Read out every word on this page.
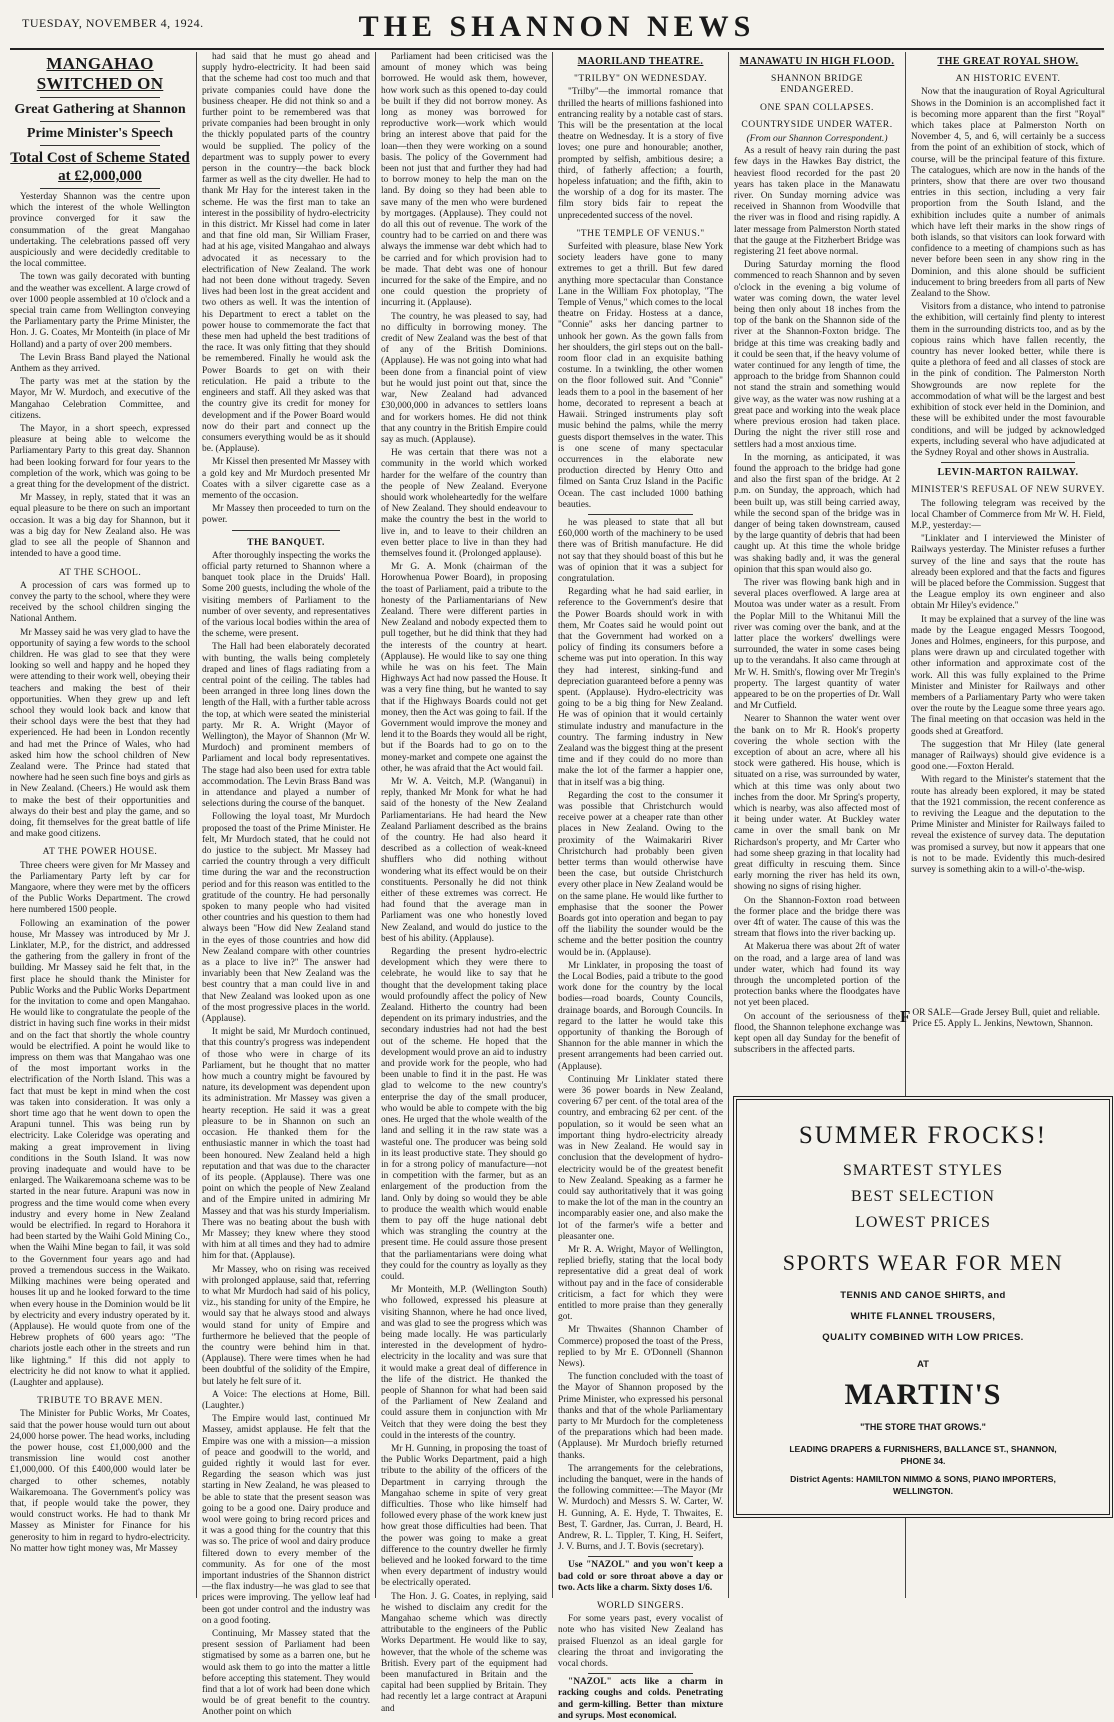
TUESDAY, NOVEMBER 4, 1924.	THE SHANNON NEWS
MANGAHAO SWITCHED ON
Great Gathering at Shannon
Prime Minister's Speech
Total Cost of Scheme Stated at £2,000,000

Yesterday Shannon was the centre upon which the interest of the whole Wellington province converged for it saw the consummation of the great Mangahao undertaking. The celebrations passed off very auspiciously and were decidedly creditable to the local committee.

The town was gaily decorated with bunting and the weather was excellent. A large crowd of over 1000 people assembled at 10 o'clock and a special train came from Wellington conveying the Parliamentary party the Prime Minister, the Hon. J. G. Coates, Mr Monteith (in place of Mr Holland) and a party of over 200 members.

The Levin Brass Band played the National Anthem as they arrived.

The party was met at the station by the Mayor, Mr W. Murdoch, and executive of the Mangahao Celebration Committee, and citizens.

The Mayor, in a short speech, expressed pleasure at being able to welcome the Parliamentary Party to this great day. Shannon had been looking forward for four years to the completion of the work, which was going to be a great thing for the development of the district.

Mr Massey, in reply, stated that it was an equal pleasure to be there on such an important occasion. It was a big day for Shannon, but it was a big day for New Zealand also. He was glad to see all the people of Shannon and intended to have a good time.

AT THE SCHOOL.

A procession of cars was formed up to convey the party to the school, where they were received by the school children singing the National Anthem.

Mr Massey said he was very glad to have the opportunity of saying a few words to the school children. He was glad to see that they were looking so well and happy and he hoped they were attending to their work well, obeying their teachers and making the best of their opportunities. When they grew up and left school they would look back and know that their school days were the best that they had experienced. He had been in London recently and had met the Prince of Wales, who had asked him how the school children of New Zealand were. The Prince had stated that nowhere had he seen such fine boys and girls as in New Zealand. (Cheers.) He would ask them to make the best of their opportunities and always do their best and play the game, and so doing, fit themselves for the great battle of life and make good citizens.

AT THE POWER HOUSE.

Three cheers were given for Mr Massey and the Parliamentary Party left by car for Mangaore, where they were met by the officers of the Public Works Department. The crowd here numbered 1500 people.

Following an examination of the power house, Mr Massey was introduced by Mr J. Linklater, M.P., for the district, and addressed the gathering from the gallery in front of the building. Mr Massey said he felt that, in the first place he should thank the Minister for Public Works and the Public Works Department for the invitation to come and open Mangahao. He would like to congratulate the people of the district in having such fine works in their midst and on the fact that shortly the whole country would be electrified. A point he would like to impress on them was that Mangahao was one of the most important works in the electrification of the North Island. This was a fact that must be kept in mind when the cost was taken into consideration. It was only a short time ago that he went down to open the Arapuni tunnel. This was being run by electricity. Lake Coleridge was operating and making a great improvement in living conditions in the South Island. It was now proving inadequate and would have to be enlarged. The Waikaremoana scheme was to be started in the near future. Arapuni was now in progress and the time would come when every industry and every home in New Zealand would be electrified. In regard to Horahora it had been started by the Waihi Gold Mining Co., when the Waihi Mine began to fail, it was sold to the Government four years ago and had proved a tremendous success in the Waikato. Milking machines were being operated and houses lit up and he looked forward to the time when every house in the Dominion would be lit by electricity and every industry operated by it. (Applause). He would quote from one of the Hebrew prophets of 600 years ago: "The chariots jostle each other in the streets and run like lightning." If this did not apply to electricity he did not know to what it applied. (Laughter and applause).

TRIBUTE TO BRAVE MEN.

The Minister for Public Works, Mr Coates, said that the power house would turn out about 24,000 horse power. The head works, including the power house, cost £1,000,000 and the transmission line would cost another £1,000,000. Of this £400,000 would later be charged to other schemes, notably Waikaremoana. The Government's policy was that, if people would take the power, they would construct works. He had to thank Mr Massey as Minister for Finance for his generosity to him in regard to hydro-electricity. No matter how tight money was, Mr Massey

had said that he must go ahead and supply hydro-electricity. It had been said that the scheme had cost too much and that private companies could have done the business cheaper. He did not think so and a further point to be remembered was that private companies had been brought in only the thickly populated parts of the country would be supplied. The policy of the department was to supply power to every person in the country—the back block farmer as well as the city dweller. He had to thank Mr Hay for the interest taken in the scheme. He was the first man to take an interest in the possibility of hydro-electricity in this district. Mr Kissel had come in later and that fine old man, Sir William Fraser, had at his age, visited Mangahao and always advocated it as necessary to the electrification of New Zealand. The work had not been done without tragedy. Seven lives had been lost in the great accident and two others as well. It was the intention of his Department to erect a tablet on the power house to commemorate the fact that these men had upheld the best traditions of the race. It was only fitting that they should be remembered. Finally he would ask the Power Boards to get on with their reticulation. He paid a tribute to the engineers and staff. All they asked was that the country give its credit for money for development and if the Power Board would now do their part and connect up the consumers everything would be as it should be. (Applause).

Mr Kissel then presented Mr Massey with a gold key and Mr Murdoch presented Mr Coates with a silver cigarette case as a memento of the occasion.

Mr Massey then proceeded to turn on the power.

THE BANQUET.

After thoroughly inspecting the works the official party returned to Shannon where a banquet took place in the Druids' Hall. Some 200 guests, including the whole of the visiting members of Parliament to the number of over seventy, and representatives of the various local bodies within the area of the scheme, were present.

The Hall had been elaborately decorated with bunting, the walls being completely draped and lines of flags radiating from a central point of the ceiling. The tables had been arranged in three long lines down the length of the Hall, with a further table across the top, at which were seated the ministerial party. Mr R. A. Wright (Mayor of Wellington), the Mayor of Shannon (Mr W. Murdoch) and prominent members of Parliament and local body representatives. The stage had also been used for extra table accommodation. The Levin Brass Band was in attendance and played a number of selections during the course of the banquet.

Following the loyal toast, Mr Murdoch proposed the toast of the Prime Minister. He felt, Mr Murdoch stated, that he could not do justice to the subject. Mr Massey had carried the country through a very difficult time during the war and the reconstruction period and for this reason was entitled to the gratitude of the country. He had personally spoken to many people who had visited other countries and his question to them had always been "How did New Zealand stand in the eyes of those countries and how did New Zealand compare with other countries as a place to live in?" The answer had invariably been that New Zealand was the best country that a man could live in and that New Zealand was looked upon as one of the most progressive places in the world. (Applause).

It might be said, Mr Murdoch continued, that this country's progress was independent of those who were in charge of its Parliament, but he thought that no matter how much a country might be favoured by nature, its development was dependent upon its administration. Mr Massey was given a hearty reception. He said it was a great pleasure to be in Shannon on such an occasion. He thanked them for the enthusiastic manner in which the toast had been honoured. New Zealand held a high reputation and that was due to the character of its people. (Applause). There was one point on which the people of New Zealand and of the Empire united in admiring Mr Massey and that was his sturdy Imperialism. There was no beating about the bush with Mr Massey; they knew where they stood with him at all times and they had to admire him for that. (Applause).

Mr Massey, who on rising was received with prolonged applause, said that, referring to what Mr Murdoch had said of his policy, viz., his standing for unity of the Empire, he would say that he always stood and always would stand for unity of Empire and furthermore he believed that the people of the country were behind him in that. (Applause). There were times when he had been doubtful of the solidity of the Empire, but lately he felt sure of it.

A Voice: The elections at Home, Bill. (Laughter.)

The Empire would last, continued Mr Massey, amidst applause. He felt that the Empire was one with a mission—a mission of peace and goodwill to the world, and guided rightly it would last for ever. Regarding the season which was just starting in New Zealand, he was pleased to be able to state that the present season was going to be a good one. Dairy produce and wool were going to bring record prices and it was a good thing for the country that this was so. The price of wool and dairy produce filtered down to every member of the community. As for one of the most important industries of the Shannon district—the flax industry—he was glad to see that prices were improving. The yellow leaf had been got under control and the industry was on a good footing.

Continuing, Mr Massey stated that the present session of Parliament had been stigmatised by some as a barren one, but he would ask them to go into the matter a little before accepting this statement. They would find that a lot of work had been done which would be of great benefit to the country. Another point on which

Parliament had been criticised was the amount of money which was being borrowed. He would ask them, however, how work such as this opened to-day could be built if they did not borrow money. As long as money was borrowed for reproductive work—work which would bring an interest above that paid for the loan—then they were working on a sound basis. The policy of the Government had been not just that and further they had had to borrow money to help the man on the land. By doing so they had been able to save many of the men who were burdened by mortgages. (Applause). They could not do all this out of revenue. The work of the country had to be carried on and there was always the immense war debt which had to be carried and for which provision had to be made. That debt was one of honour incurred for the sake of the Empire, and no one could question the propriety of incurring it. (Applause).

The country, he was pleased to say, had no difficulty in borrowing money. The credit of New Zealand was the best of that of any of the British Dominions. (Applause). He was not going into what had been done from a financial point of view but he would just point out that, since the war, New Zealand had advanced £30,000,000 in advances to settlers loans and for workers homes. He did not think that any country in the British Empire could say as much. (Applause).

He was certain that there was not a community in the world which worked harder for the welfare of the country than the people of New Zealand. Everyone should work wholeheartedly for the welfare of New Zealand. They should endeavour to make the country the best in the world to live in, and to leave to their children an even better place to live in than they had themselves found it. (Prolonged applause).

Mr G. A. Monk (chairman of the Horowhenua Power Board), in proposing the toast of Parliament, paid a tribute to the honesty of the Parliamentarians of New Zealand. There were different parties in New Zealand and nobody expected them to pull together, but he did think that they had the interests of the country at heart. (Applause). He would like to say one thing while he was on his feet. The Main Highways Act had now passed the House. It was a very fine thing, but he wanted to say that if the Highways Boards could not get money, then the Act was going to fail. If the Government would improve the money and lend it to the Boards they would all be right, but if the Boards had to go on to the money-market and compete one against the other, he was afraid that the Act would fail.

Mr W. A. Veitch, M.P. (Wanganui) in reply, thanked Mr Monk for what he had said of the honesty of the New Zealand Parliamentarians. He had heard the New Zealand Parliament described as the brains of the country. He had also heard it described as a collection of weak-kneed shufflers who did nothing without wondering what its effect would be on their constituents. Personally he did not think either of these extremes was correct. He had found that the average man in Parliament was one who honestly loved New Zealand, and would do justice to the best of his ability. (Applause).

Regarding the present hydro-electric development which they were there to celebrate, he would like to say that he thought that the development taking place would profoundly affect the policy of New Zealand. Hitherto the country had been dependent on its primary industries, and the secondary industries had not had the best out of the scheme. He hoped that the development would prove an aid to industry and provide work for the people, who had been unable to find it in the past. He was glad to welcome to the new country's enterprise the day of the small producer, who would be able to compete with the big ones. He urged that the whole wealth of the land and selling it in the raw state was a wasteful one. The producer was being sold in its least productive state. They should go in for a strong policy of manufacture—not in competition with the farmer, but as an enlargement of the production from the land. Only by doing so would they be able to produce the wealth which would enable them to pay off the huge national debt which was strangling the country at the present time. He could assure those present that the parliamentarians were doing what they could for the country as loyally as they could.

Mr Monteith, M.P. (Wellington South) who followed, expressed his pleasure at visiting Shannon, where he had once lived, and was glad to see the progress which was being made locally. He was particularly interested in the development of hydro-electricity in the locality and was sure that it would make a great deal of difference in the life of the district. He thanked the people of Shannon for what had been said of the Parliament of New Zealand and could assure them in conjunction with Mr Veitch that they were doing the best they could in the interests of the country.

Mr H. Gunning, in proposing the toast of the Public Works Department, paid a high tribute to the ability of the officers of the Department in carrying through the Mangahao scheme in spite of very great difficulties. Those who like himself had followed every phase of the work knew just how great those difficulties had been. That the power was going to make a great difference to the country dweller he firmly believed and he looked forward to the time when every department of industry would be electrically operated.

The Hon. J. G. Coates, in replying, said he wished to disclaim any credit for the Mangahao scheme which was directly attributable to the engineers of the Public Works Department. He would like to say, however, that the whole of the scheme was British. Every part of the equipment had been manufactured in Britain and the capital had been supplied by Britain. They had recently let a large contract at Arapuni and

MAORILAND THEATRE.
"TRILBY" ON WEDNESDAY.

"Trilby"—the immortal romance that thrilled the hearts of millions fashioned into entrancing reality by a notable cast of stars. This will be the presentation at the local theatre on Wednesday. It is a story of five loves; one pure and honourable; another, prompted by selfish, ambitious desire; a third, of fatherly affection; a fourth, hopeless infatuation; and the fifth, akin to the worship of a dog for its master. The film story bids fair to repeat the unprecedented success of the novel.

"THE TEMPLE OF VENUS."

Surfeited with pleasure, blase New York society leaders have gone to many extremes to get a thrill. But few dared anything more spectacular than Constance Lane in the William Fox photoplay, "The Temple of Venus," which comes to the local theatre on Friday. Hostess at a dance, "Connie" asks her dancing partner to unhook her gown. As the gown falls from her shoulders, the girl steps out on the ball-room floor clad in an exquisite bathing costume. In a twinkling, the other women on the floor followed suit. And "Connie" leads them to a pool in the basement of her home, decorated to represent a beach at Hawaii. Stringed instruments play soft music behind the palms, while the merry guests disport themselves in the water. This is one scene of many spectacular occurrences in the elaborate new production directed by Henry Otto and filmed on Santa Cruz Island in the Pacific Ocean. The cast included 1000 bathing beauties.

he was pleased to state that all but £60,000 worth of the machinery to be used there was of British manufacture. He did not say that they should boast of this but he was of opinion that it was a subject for congratulation.

Regarding what he had said earlier, in reference to the Government's desire that the Power Boards should work in with them, Mr Coates said he would point out that the Government had worked on a policy of finding its consumers before a scheme was put into operation. In this way they had interest, sinking-fund and depreciation guaranteed before a penny was spent. (Applause). Hydro-electricity was going to be a big thing for New Zealand. He was of opinion that it would certainly stimulate industry and manufacture in the country. The farming industry in New Zealand was the biggest thing at the present time and if they could do no more than make the lot of the farmer a happier one, that in itself was a big thing.

Regarding the cost to the consumer it was possible that Christchurch would receive power at a cheaper rate than other places in New Zealand. Owing to the proximity of the Waimakariri River Christchurch had probably been given better terms than would otherwise have been the case, but outside Christchurch every other place in New Zealand would be on the same plane. He would like further to emphasise that the sooner the Power Boards got into operation and began to pay off the liability the sounder would be the scheme and the better position the country would be in. (Applause).

Mr Linklater, in proposing the toast of the Local Bodies, paid a tribute to the good work done for the country by the local bodies—road boards, County Councils, drainage boards, and Borough Councils. In regard to the latter he would take this opportunity of thanking the Borough of Shannon for the able manner in which the present arrangements had been carried out. (Applause).

Continuing Mr Linklater stated there were 36 power boards in New Zealand, covering 67 per cent. of the total area of the country, and embracing 62 per cent. of the population, so it would be seen what an important thing hydro-electricity already was in New Zealand. He would say in conclusion that the development of hydro-electricity would be of the greatest benefit to New Zealand. Speaking as a farmer he could say authoritatively that it was going to make the lot of the man in the country an incomparably easier one, and also make the lot of the farmer's wife a better and pleasanter one.

Mr R. A. Wright, Mayor of Wellington, replied briefly, stating that the local body representative did a great deal of work without pay and in the face of considerable criticism, a fact for which they were entitled to more praise than they generally got.

Mr Thwaites (Shannon Chamber of Commerce) proposed the toast of the Press, replied to by Mr E. O'Donnell (Shannon News).

The function concluded with the toast of the Mayor of Shannon proposed by the Prime Minister, who expressed his personal thanks and that of the whole Parliamentary party to Mr Murdoch for the completeness of the preparations which had been made. (Applause). Mr Murdoch briefly returned thanks.

The arrangements for the celebrations, including the banquet, were in the hands of the following committee:—The Mayor (Mr W. Murdoch) and Messrs S. W. Carter, W. H. Gunning, A. E. Hyde, T. Thwaites, E. Best, T. Gardner, Jas. Curran, J. Beard, H. Andrew, R. L. Tippler, T. King, H. Seifert, J. V. Burns, and J. T. Bovis (secretary).

Use "NAZOL" and you won't keep a bad cold or sore throat above a day or two. Acts like a charm. Sixty doses 1/6.

WORLD SINGERS.

For some years past, every vocalist of note who has visited New Zealand has praised Fluenzol as an ideal gargle for clearing the throat and invigorating the vocal chords.

"NAZOL" acts like a charm in racking coughs and colds. Penetrating and germ-killing. Better than mixture and syrups. Most economical.

MANAWATU IN HIGH FLOOD.
SHANNON BRIDGE ENDANGERED.
ONE SPAN COLLAPSES.
COUNTRYSIDE UNDER WATER.
(From our Shannon Correspondent.)

As a result of heavy rain during the past few days in the Hawkes Bay district, the heaviest flood recorded for the past 20 years has taken place in the Manawatu river. On Sunday morning advice was received in Shannon from Woodville that the river was in flood and rising rapidly. A later message from Palmerston North stated that the gauge at the Fitzherbert Bridge was registering 21 feet above normal.

During Saturday morning the flood commenced to reach Shannon and by seven o'clock in the evening a big volume of water was coming down, the water level being then only about 18 inches from the top of the bank on the Shannon side of the river at the Shannon-Foxton bridge. The bridge at this time was creaking badly and it could be seen that, if the heavy volume of water continued for any length of time, the approach to the bridge from Shannon could not stand the strain and something would give way, as the water was now rushing at a great pace and working into the weak place where previous erosion had taken place. During the night the river still rose and settlers had a most anxious time.

In the morning, as anticipated, it was found the approach to the bridge had gone and also the first span of the bridge. At 2 p.m. on Sunday, the approach, which had been built up, was still being carried away, while the second span of the bridge was in danger of being taken downstream, caused by the large quantity of debris that had been caught up. At this time the whole bridge was shaking badly and, it was the general opinion that this span would also go.

The river was flowing bank high and in several places overflowed. A large area at Moutoa was under water as a result. From the Poplar Mill to the Whitanui Mill the river was coming over the bank, and at the latter place the workers' dwellings were surrounded, the water in some cases being up to the verandahs. It also came through at Mr W. H. Smith's, flowing over Mr Tregin's property. The largest quantity of water appeared to be on the properties of Dr. Wall and Mr Cutfield.

Nearer to Shannon the water went over the bank on to Mr R. Hook's property covering the whole section with the exception of about an acre, where all his stock were gathered. His house, which is situated on a rise, was surrounded by water, which at this time was only about two inches from the door. Mr Spring's property, which is nearby, was also affected most of it being under water. At Buckley water came in over the small bank on Mr Richardson's property, and Mr Carter who had some sheep grazing in that locality had great difficulty in rescuing them. Since early morning the river has held its own, showing no signs of rising higher.

On the Shannon-Foxton road between the former place and the bridge there was over 4ft of water. The cause of this was the stream that flows into the river backing up.

At Makerua there was about 2ft of water on the road, and a large area of land was under water, which had found its way through the uncompleted portion of the protection banks where the floodgates have not yet been placed.

On account of the seriousness of the flood, the Shannon telephone exchange was kept open all day Sunday for the benefit of subscribers in the affected parts.

THE GREAT ROYAL SHOW.
AN HISTORIC EVENT.

Now that the inauguration of Royal Agricultural Shows in the Dominion is an accomplished fact it is becoming more apparent than the first "Royal" which takes place at Palmerston North on November 4, 5, and 6, will certainly be a success from the point of an exhibition of stock, which of course, will be the principal feature of this fixture. The catalogues, which are now in the hands of the printers, show that there are over two thousand entries in this section, including a very fair proportion from the South Island, and the exhibition includes quite a number of animals which have left their marks in the show rings of both islands, so that visitors can look forward with confidence to a meeting of champions such as has never before been seen in any show ring in the Dominion, and this alone should be sufficient inducement to bring breeders from all parts of New Zealand to the Show.

Visitors from a distance, who intend to patronise the exhibition, will certainly find plenty to interest them in the surrounding districts too, and as by the copious rains which have fallen recently, the country has never looked better, while there is quite a plethora of feed and all classes of stock are in the pink of condition. The Palmerston North Showgrounds are now replete for the accommodation of what will be the largest and best exhibition of stock ever held in the Dominion, and these will be exhibited under the most favourable conditions, and will be judged by acknowledged experts, including several who have adjudicated at the Sydney Royal and other shows in Australia.

LEVIN-MARTON RAILWAY.
MINISTER'S REFUSAL OF NEW SURVEY.

The following telegram was received by the local Chamber of Commerce from Mr W. H. Field, M.P., yesterday:—

"Linklater and I interviewed the Minister of Railways yesterday. The Minister refuses a further survey of the line and says that the route has already been explored and that the facts and figures will be placed before the Commission. Suggest that the League employ its own engineer and also obtain Mr Hiley's evidence."

It may be explained that a survey of the line was made by the League engaged Messrs Toogood, Jones and Holmes, engineers, for this purpose, and plans were drawn up and circulated together with other information and approximate cost of the work. All this was fully explained to the Prime Minister and Minister for Railways and other members of a Parliamentary Party who were taken over the route by the League some three years ago. The final meeting on that occasion was held in the goods shed at Greatford.

The suggestion that Mr Hiley (late general manager of Railways) should give evidence is a good one.—Foxton Herald.

With regard to the Minister's statement that the route has already been explored, it may be stated that the 1921 commission, the recent conference as to reviving the League and the deputation to the Prime Minister and Minister for Railways failed to reveal the existence of survey data. The deputation was promised a survey, but now it appears that one is not to be made. Evidently this much-desired survey is something akin to a will-o'-the-wisp.

F OR SALE—Grade Jersey Bull, quiet and reliable. Price £5. Apply L. Jenkins, Newtown, Shannon.
SUMMER FROCKS!
SMARTEST STYLES
BEST SELECTION
LOWEST PRICES
SPORTS WEAR FOR MEN
TENNIS AND CANOE SHIRTS, and
WHITE FLANNEL TROUSERS,
QUALITY COMBINED WITH LOW PRICES.
AT
MARTIN'S
"THE STORE THAT GROWS."
LEADING DRAPERS & FURNISHERS, BALLANCE ST., SHANNON,
PHONE 34.
District Agents: HAMILTON NIMMO & SONS, PIANO IMPORTERS,
WELLINGTON.
